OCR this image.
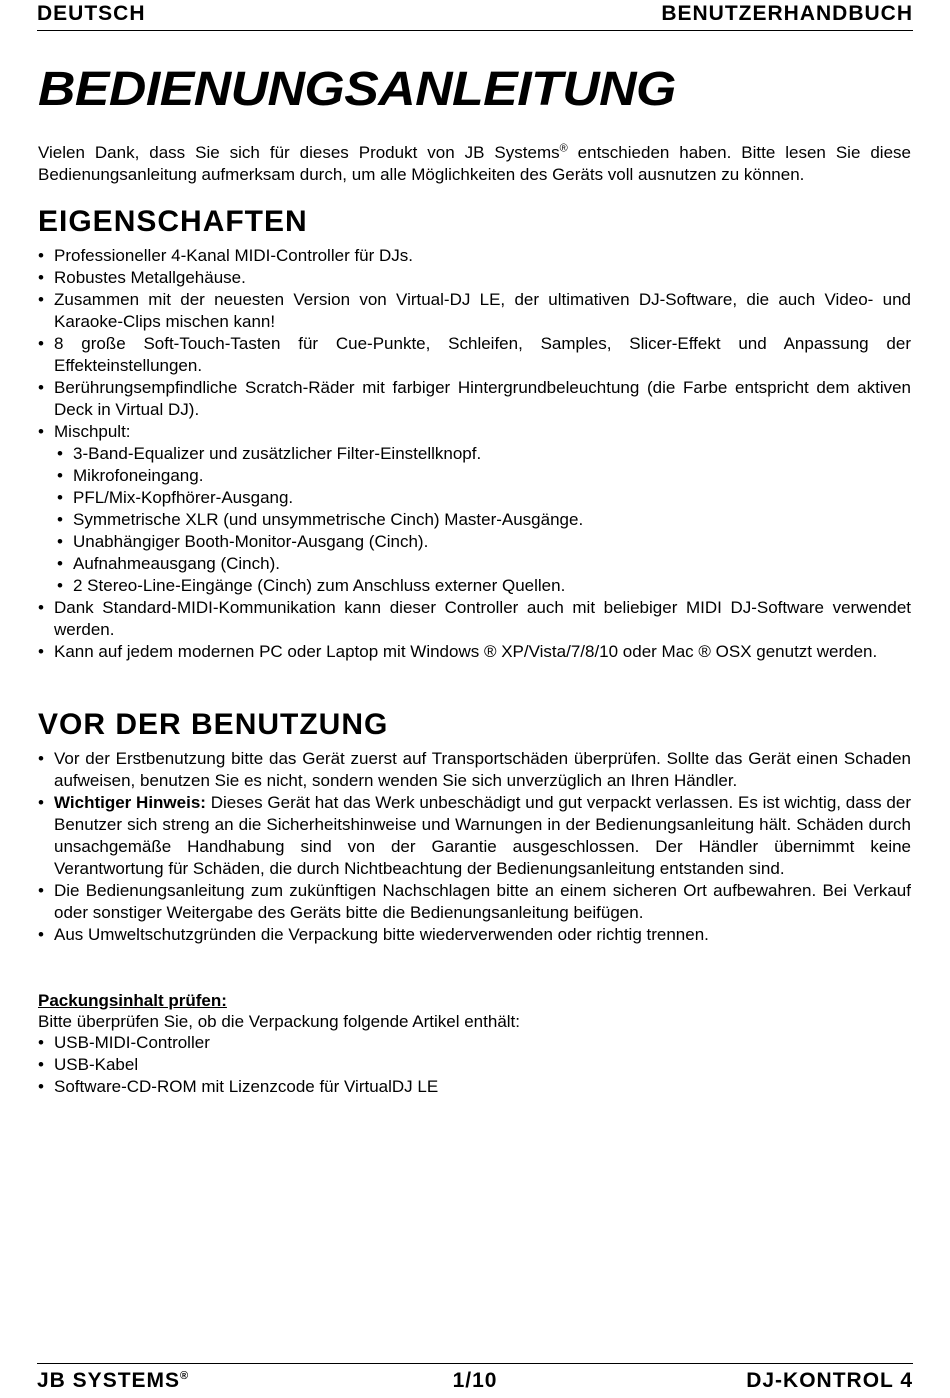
DEUTSCH	BENUTZERHANDBUCH
BEDIENUNGSANLEITUNG

Vielen Dank, dass Sie sich für dieses Produkt von JB Systems® entschieden haben. Bitte lesen Sie diese Bedienungsanleitung aufmerksam durch, um alle Möglichkeiten des Geräts voll ausnutzen zu können.

EIGENSCHAFTEN
• Professioneller 4-Kanal MIDI-Controller für DJs.
• Robustes Metallgehäuse.
• Zusammen mit der neuesten Version von Virtual-DJ LE, der ultimativen DJ-Software, die auch Video- und Karaoke-Clips mischen kann!
• 8 große Soft-Touch-Tasten für Cue-Punkte, Schleifen, Samples, Slicer-Effekt und Anpassung der Effekteinstellungen.
• Berührungsempfindliche Scratch-Räder mit farbiger Hintergrundbeleuchtung (die Farbe entspricht dem aktiven Deck in Virtual DJ).
• Mischpult:
• 3-Band-Equalizer und zusätzlicher Filter-Einstellknopf.
• Mikrofoneingang.
• PFL/Mix-Kopfhörer-Ausgang.
• Symmetrische XLR (und unsymmetrische Cinch) Master-Ausgänge.
• Unabhängiger Booth-Monitor-Ausgang (Cinch).
• Aufnahmeausgang (Cinch).
• 2 Stereo-Line-Eingänge (Cinch) zum Anschluss externer Quellen.
• Dank Standard-MIDI-Kommunikation kann dieser Controller auch mit beliebiger MIDI DJ-Software verwendet werden.
• Kann auf jedem modernen PC oder Laptop mit Windows ® XP/Vista/7/8/10 oder Mac ® OSX genutzt werden.
VOR DER BENUTZUNG
• Vor der Erstbenutzung bitte das Gerät zuerst auf Transportschäden überprüfen. Sollte das Gerät einen Schaden aufweisen, benutzen Sie es nicht, sondern wenden Sie sich unverzüglich an Ihren Händler.
• Wichtiger Hinweis: Dieses Gerät hat das Werk unbeschädigt und gut verpackt verlassen. Es ist wichtig, dass der Benutzer sich streng an die Sicherheitshinweise und Warnungen in der Bedienungsanleitung hält. Schäden durch unsachgemäße Handhabung sind von der Garantie ausgeschlossen. Der Händler übernimmt keine Verantwortung für Schäden, die durch Nichtbeachtung der Bedienungsanleitung entstanden sind.
• Die Bedienungsanleitung zum zukünftigen Nachschlagen bitte an einem sicheren Ort aufbewahren. Bei Verkauf oder sonstiger Weitergabe des Geräts bitte die Bedienungsanleitung beifügen.
• Aus Umweltschutzgründen die Verpackung bitte wiederverwenden oder richtig trennen.
Packungsinhalt prüfen:
Bitte überprüfen Sie, ob die Verpackung folgende Artikel enthält:
• USB-MIDI-Controller
• USB-Kabel
• Software-CD-ROM mit Lizenzcode für VirtualDJ LE
JB SYSTEMS®	1/10	DJ-KONTROL 4
